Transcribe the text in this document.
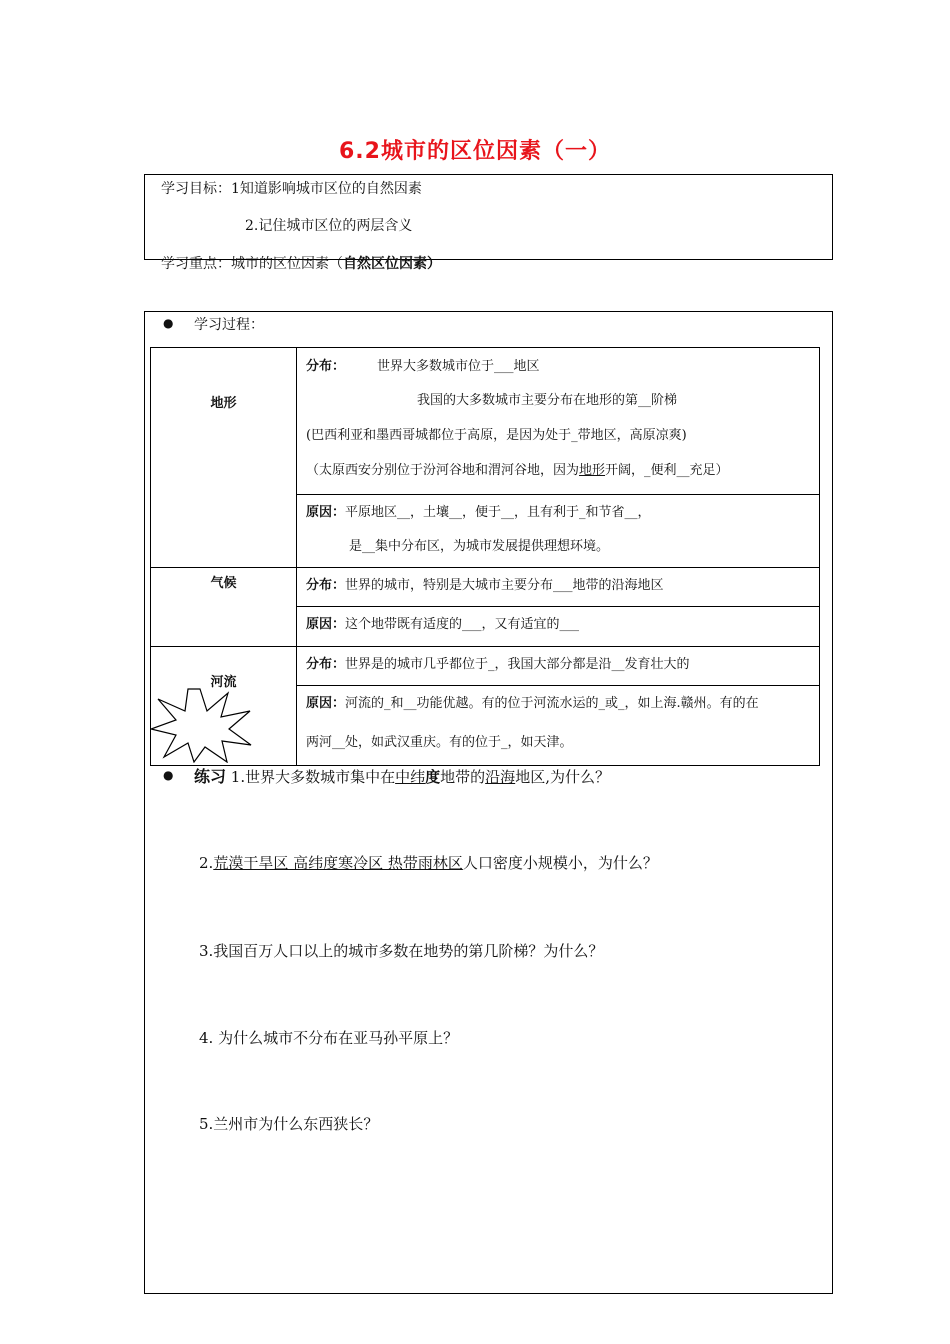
6.2城市的区位因素（一）
学习目标：1知道影响城市区位的自然因素
2.记住城市区位的两层含义
学习重点：城市的区位因素（自然区位因素）
● 学习过程：
地形	分布： 世界大多数城市位于___地区
我国的大多数城市主要分布在地形的第__阶梯
(巴西利亚和墨西哥城都位于高原，是因为处于_带地区，高原凉爽)
（太原西安分别位于汾河谷地和渭河谷地，因为地形开阔，_便利__充足）

	原因：平原地区__，土壤__，便于__，且有利于_和节省__，
是__集中分布区，为城市发展提供理想环境。

气候	分布：世界的城市，特别是大城市主要分布___地带的沿海地区

	原因：这个地带既有适度的___，又有适宜的___

河流	分布：世界是的城市几乎都位于_，我国大部分都是沿__发育壮大的

	原因：河流的_和__功能优越。有的位于河流水运的_或_，如上海.赣州。有的在
两河__处，如武汉重庆。有的位于_，如天津。
● 练习 1.世界大多数城市集中在中纬度地带的沿海地区,为什么？
2.荒漠干旱区 高纬度寒冷区 热带雨林区人口密度小规模小，为什么？
3.我国百万人口以上的城市多数在地势的第几阶梯？为什么？
4. 为什么城市不分布在亚马孙平原上？
5.兰州市为什么东西狭长？
